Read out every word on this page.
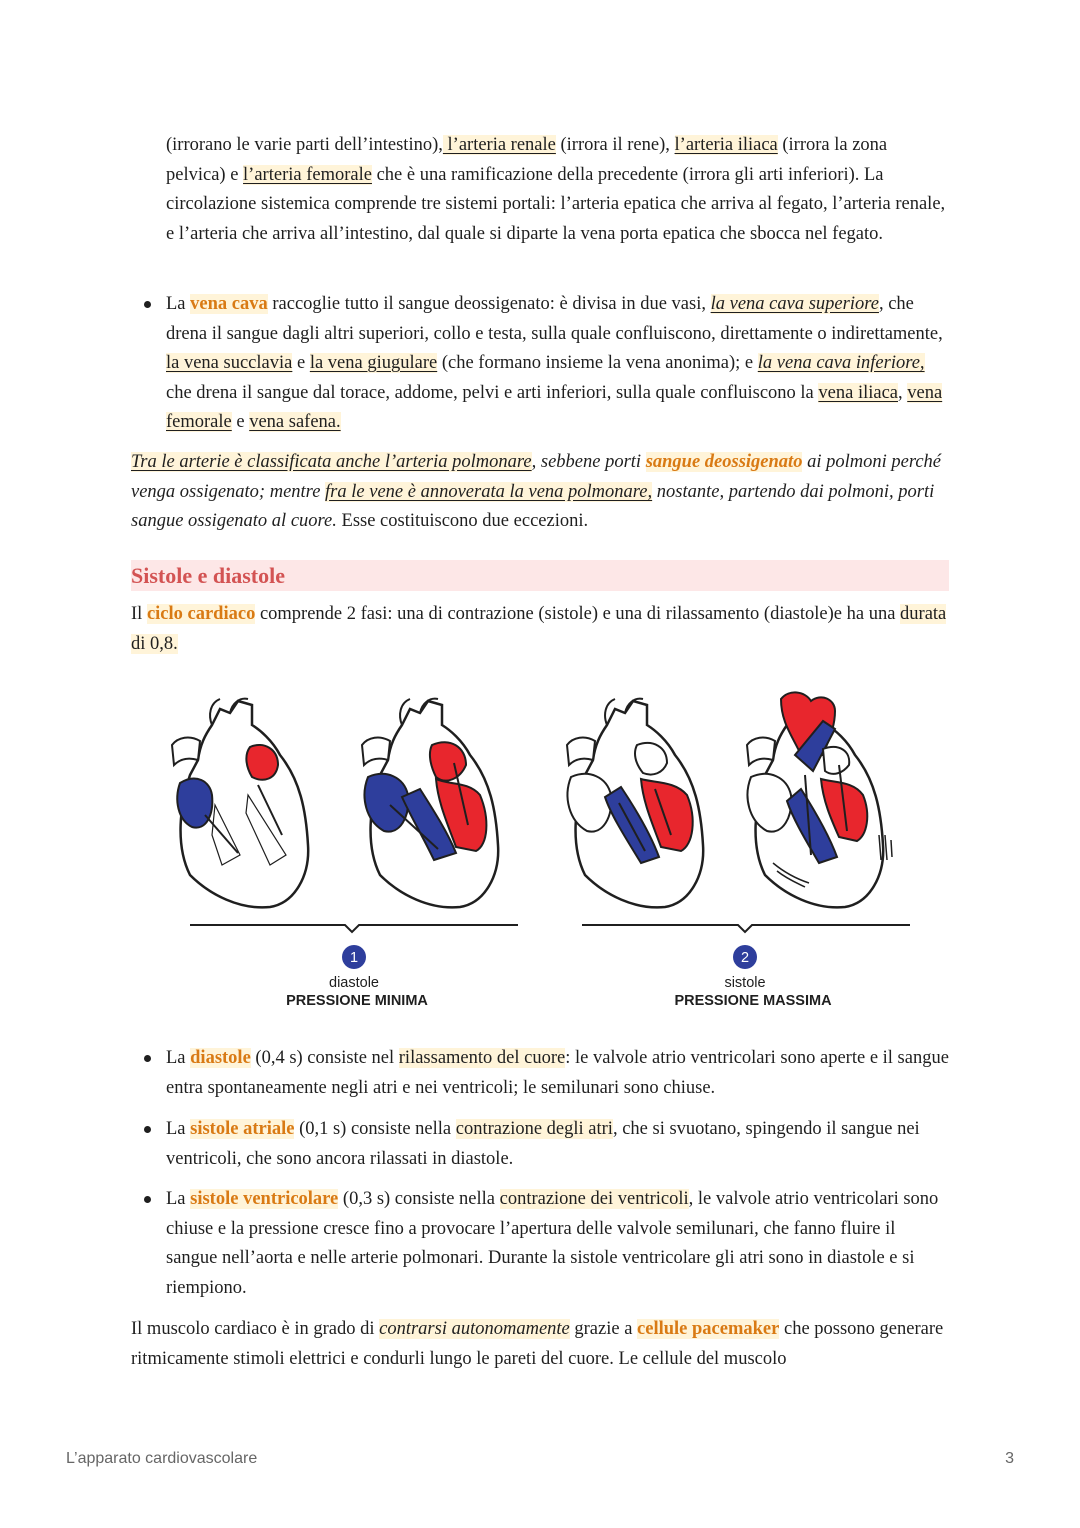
(irrorano le varie parti dell’intestino), l’arteria renale (irrora il rene), l’arteria iliaca (irrora la zona pelvica) e l’arteria femorale che è una ramificazione della precedente (irrora gli arti inferiori). La circolazione sistemica comprende tre sistemi portali: l’arteria epatica che arriva al fegato, l’arteria renale, e l’arteria che arriva all’intestino, dal quale si diparte la vena porta epatica che sbocca nel fegato.

La vena cava raccoglie tutto il sangue deossigenato: è divisa in due vasi, la vena cava superiore, che drena il sangue dagli altri superiori, collo e testa, sulla quale confluiscono, direttamente o indirettamente, la vena succlavia e la vena giugulare (che formano insieme la vena anonima); e la vena cava inferiore, che drena il sangue dal torace, addome, pelvi e arti inferiori, sulla quale confluiscono la vena iliaca, vena femorale e vena safena.

Tra le arterie è classificata anche l’arteria polmonare, sebbene porti sangue deossigenato ai polmoni perché venga ossigenato; mentre fra le vene è annoverata la vena polmonare, nostante, partendo dai polmoni, porti sangue ossigenato al cuore. Esse costituiscono due eccezioni.

Sistole e diastole

Il ciclo cardiaco comprende 2 fasi: una di contrazione (sistole) e una di rilassamento (diastole)e ha una durata di 0,8.

1
diastole
PRESSIONE MINIMA
2
sistole
PRESSIONE MASSIMA

La diastole (0,4 s) consiste nel rilassamento del cuore: le valvole atrio ventricolari sono aperte e il sangue entra spontaneamente negli atri e nei ventricoli; le semilunari sono chiuse.

La sistole atriale (0,1 s) consiste nella contrazione degli atri, che si svuotano, spingendo il sangue nei ventricoli, che sono ancora rilassati in diastole.

La sistole ventricolare (0,3 s) consiste nella contrazione dei ventricoli, le valvole atrio ventricolari sono chiuse e la pressione cresce fino a provocare l’apertura delle valvole semilunari, che fanno fluire il sangue nell’aorta e nelle arterie polmonari. Durante la sistole ventricolare gli atri sono in diastole e si riempiono.

Il muscolo cardiaco è in grado di contrarsi autonomamente grazie a cellule pacemaker che possono generare ritmicamente stimoli elettrici e condurli lungo le pareti del cuore. Le cellule del muscolo

L’apparato cardiovascolare	3
